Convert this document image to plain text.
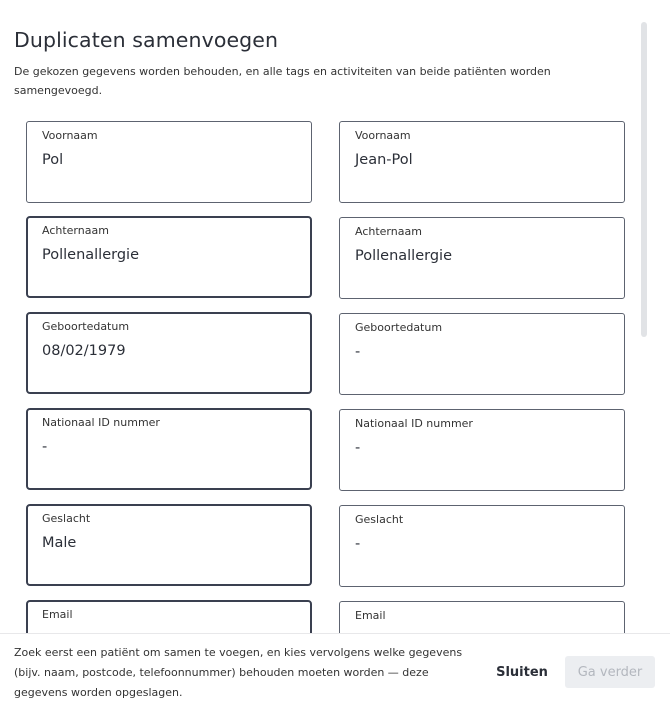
Duplicaten samenvoegen

De gekozen gegevens worden behouden, en alle tags en activiteiten van beide patiënten worden samengevoegd.

Voornaam
Pol
Voornaam
Jean-Pol
Achternaam
Pollenallergie
Achternaam
Pollenallergie
Geboortedatum
08/02/1979
Geboortedatum
-
Nationaal ID nummer
-
Nationaal ID nummer
-
Geslacht
Male
Geslacht
-
Email	Email

Zoek eerst een patiënt om samen te voegen, en kies vervolgens welke gegevens (bijv. naam, postcode, telefoonnummer) behouden moeten worden — deze gegevens worden opgeslagen.

Sluiten	Ga verder
